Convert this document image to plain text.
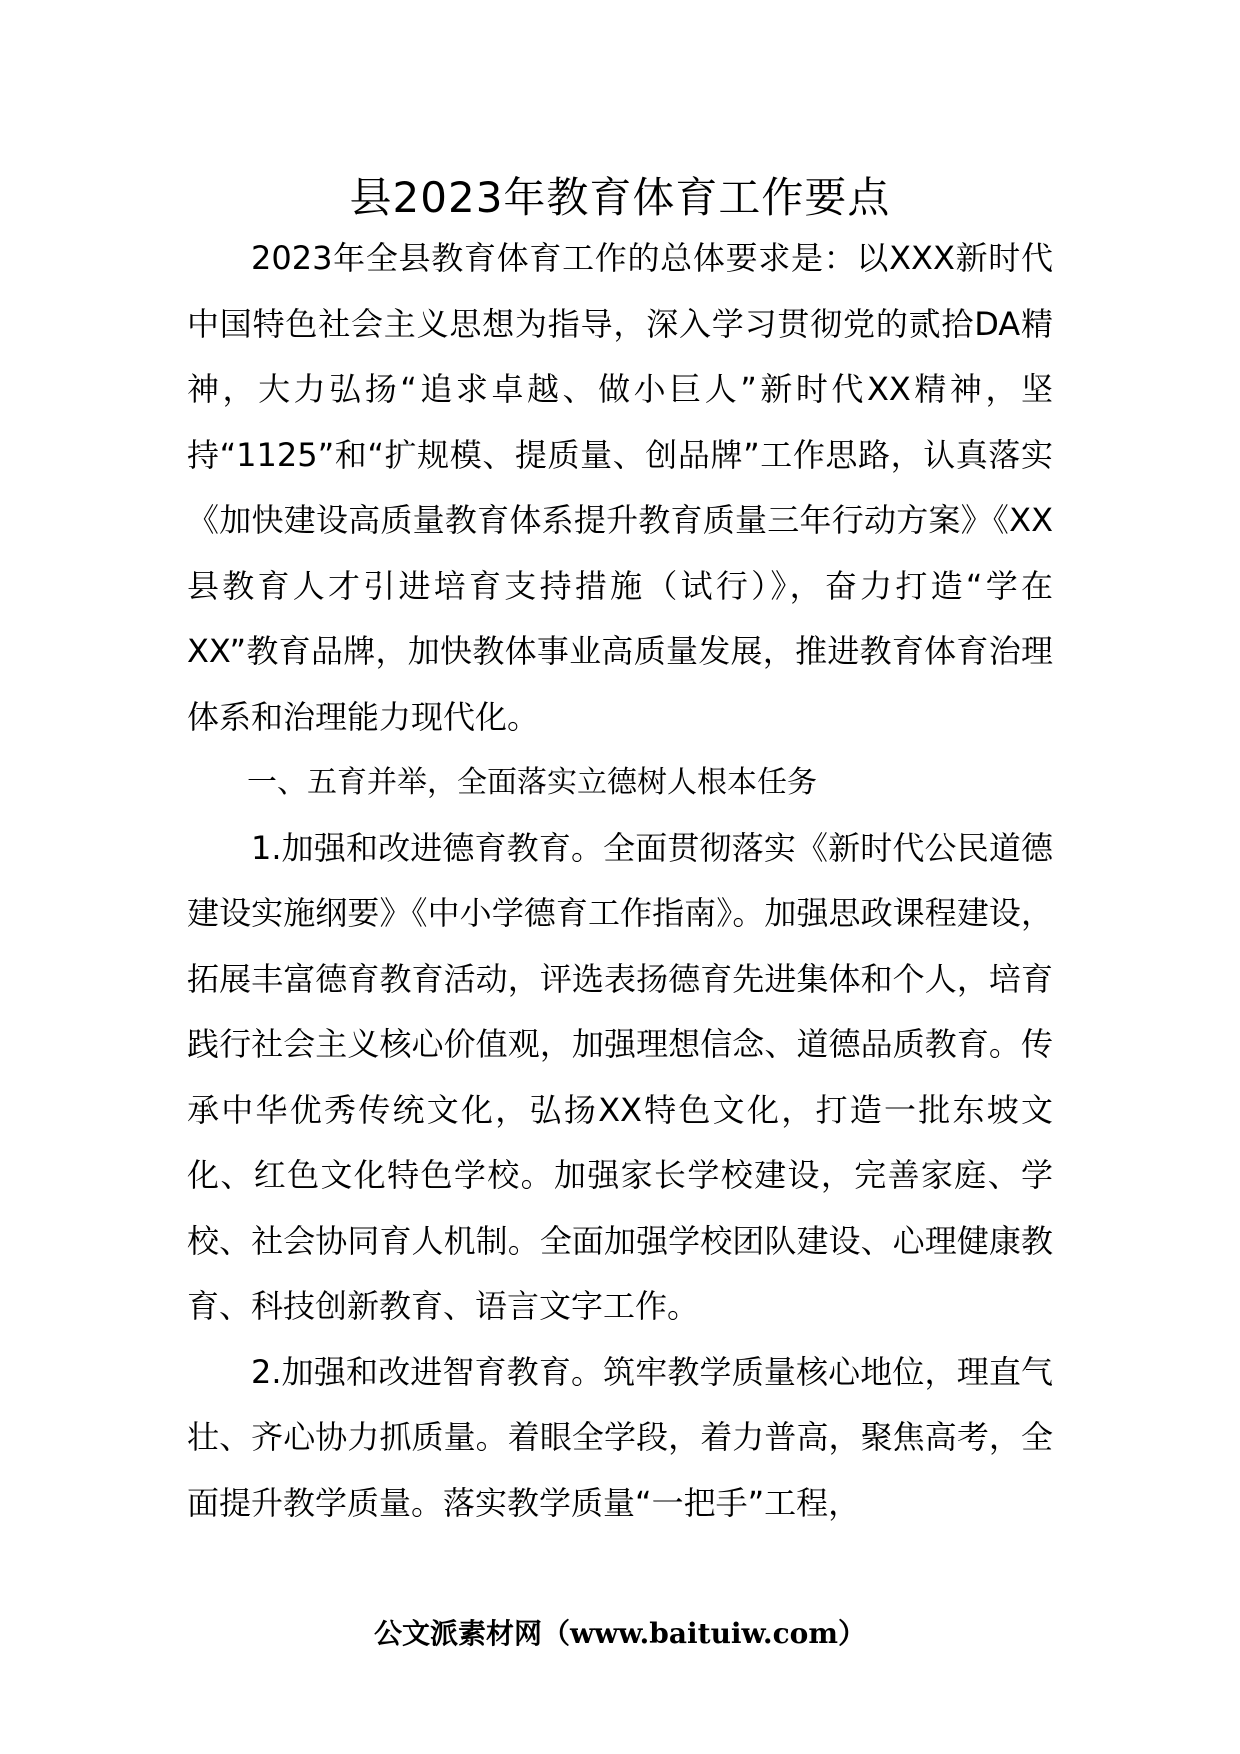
县2023年教育体育工作要点

2023年全县教育体育工作的总体要求是：以XXX新时代中国特色社会主义思想为指导，深入学习贯彻党的贰拾DA精神，大力弘扬“追求卓越、做小巨人”新时代XX精神，坚持“1125”和“扩规模、提质量、创品牌”工作思路，认真落实《加快建设高质量教育体系提升教育质量三年行动方案》《XX县教育人才引进培育支持措施（试行）》，奋力打造“学在XX”教育品牌，加快教体事业高质量发展，推进教育体育治理体系和治理能力现代化。

一、五育并举，全面落实立德树人根本任务

1.加强和改进德育教育。全面贯彻落实《新时代公民道德建设实施纲要》《中小学德育工作指南》。加强思政课程建设，拓展丰富德育教育活动，评选表扬德育先进集体和个人，培育践行社会主义核心价值观，加强理想信念、道德品质教育。传承中华优秀传统文化，弘扬XX特色文化，打造一批东坡文化、红色文化特色学校。加强家长学校建设，完善家庭、学校、社会协同育人机制。全面加强学校团队建设、心理健康教育、科技创新教育、语言文字工作。

2.加强和改进智育教育。筑牢教学质量核心地位，理直气壮、齐心协力抓质量。着眼全学段，着力普高，聚焦高考，全面提升教学质量。落实教学质量“一把手”工程，

公文派素材网（www.baituiw.com）
